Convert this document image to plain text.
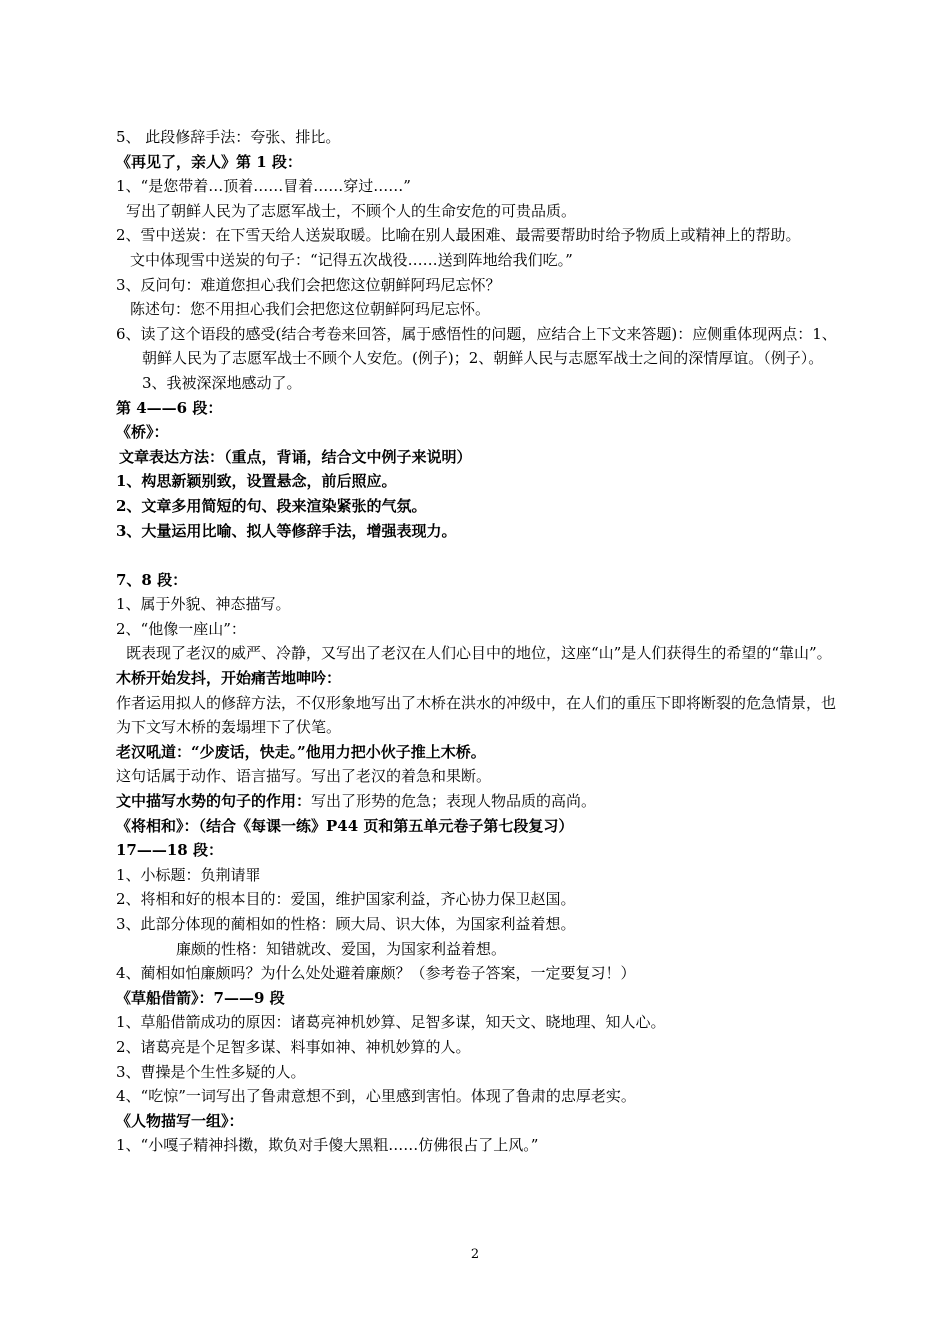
5、 此段修辞手法：夸张、排比。
《再见了，亲人》第 1 段：
1、“是您带着…顶着……冒着……穿过……”
写出了朝鲜人民为了志愿军战士，不顾个人的生命安危的可贵品质。
2、雪中送炭：在下雪天给人送炭取暖。比喻在别人最困难、最需要帮助时给予物质上或精神上的帮助。
文中体现雪中送炭的句子：“记得五次战役……送到阵地给我们吃。”
3、反问句：难道您担心我们会把您这位朝鲜阿玛尼忘怀？
陈述句：您不用担心我们会把您这位朝鲜阿玛尼忘怀。
6、读了这个语段的感受(结合考卷来回答，属于感悟性的问题，应结合上下文来答题)：应侧重体现两点：1、朝鲜人民为了志愿军战士不顾个人安危。(例子)；2、朝鲜人民与志愿军战士之间的深情厚谊。（例子）。3、我被深深地感动了。
第 4——6 段：
《桥》：
文章表达方法：（重点，背诵，结合文中例子来说明）
1、构思新颖别致，设置悬念，前后照应。
2、文章多用简短的句、段来渲染紧张的气氛。
3、大量运用比喻、拟人等修辞手法，增强表现力。
7、8 段：
1、属于外貌、神态描写。
2、“他像一座山”：
既表现了老汉的威严、冷静，又写出了老汉在人们心目中的地位，这座“山”是人们获得生的希望的“靠山”。
木桥开始发抖，开始痛苦地呻吟：
作者运用拟人的修辞方法，不仅形象地写出了木桥在洪水的冲级中，在人们的重压下即将断裂的危急情景，也为下文写木桥的轰塌埋下了伏笔。
老汉吼道：“少废话，快走。”他用力把小伙子推上木桥。
这句话属于动作、语言描写。写出了老汉的着急和果断。
文中描写水势的句子的作用：写出了形势的危急；表现人物品质的高尚。
《将相和》：（结合《每课一练》P44 页和第五单元卷子第七段复习）
17——18 段：
1、小标题：负荆请罪
2、将相和好的根本目的：爱国，维护国家利益，齐心协力保卫赵国。
3、此部分体现的蔺相如的性格：顾大局、识大体，为国家利益着想。
廉颇的性格：知错就改、爱国，为国家利益着想。
4、蔺相如怕廉颇吗？为什么处处避着廉颇？（参考卷子答案，一定要复习！）
《草船借箭》：7——9 段
1、草船借箭成功的原因：诸葛亮神机妙算、足智多谋，知天文、晓地理、知人心。
2、诸葛亮是个足智多谋、料事如神、神机妙算的人。
3、曹操是个生性多疑的人。
4、“吃惊”一词写出了鲁肃意想不到，心里感到害怕。体现了鲁肃的忠厚老实。
《人物描写一组》：
1、“小嘎子精神抖擞，欺负对手傻大黑粗……仿佛很占了上风。”
2
